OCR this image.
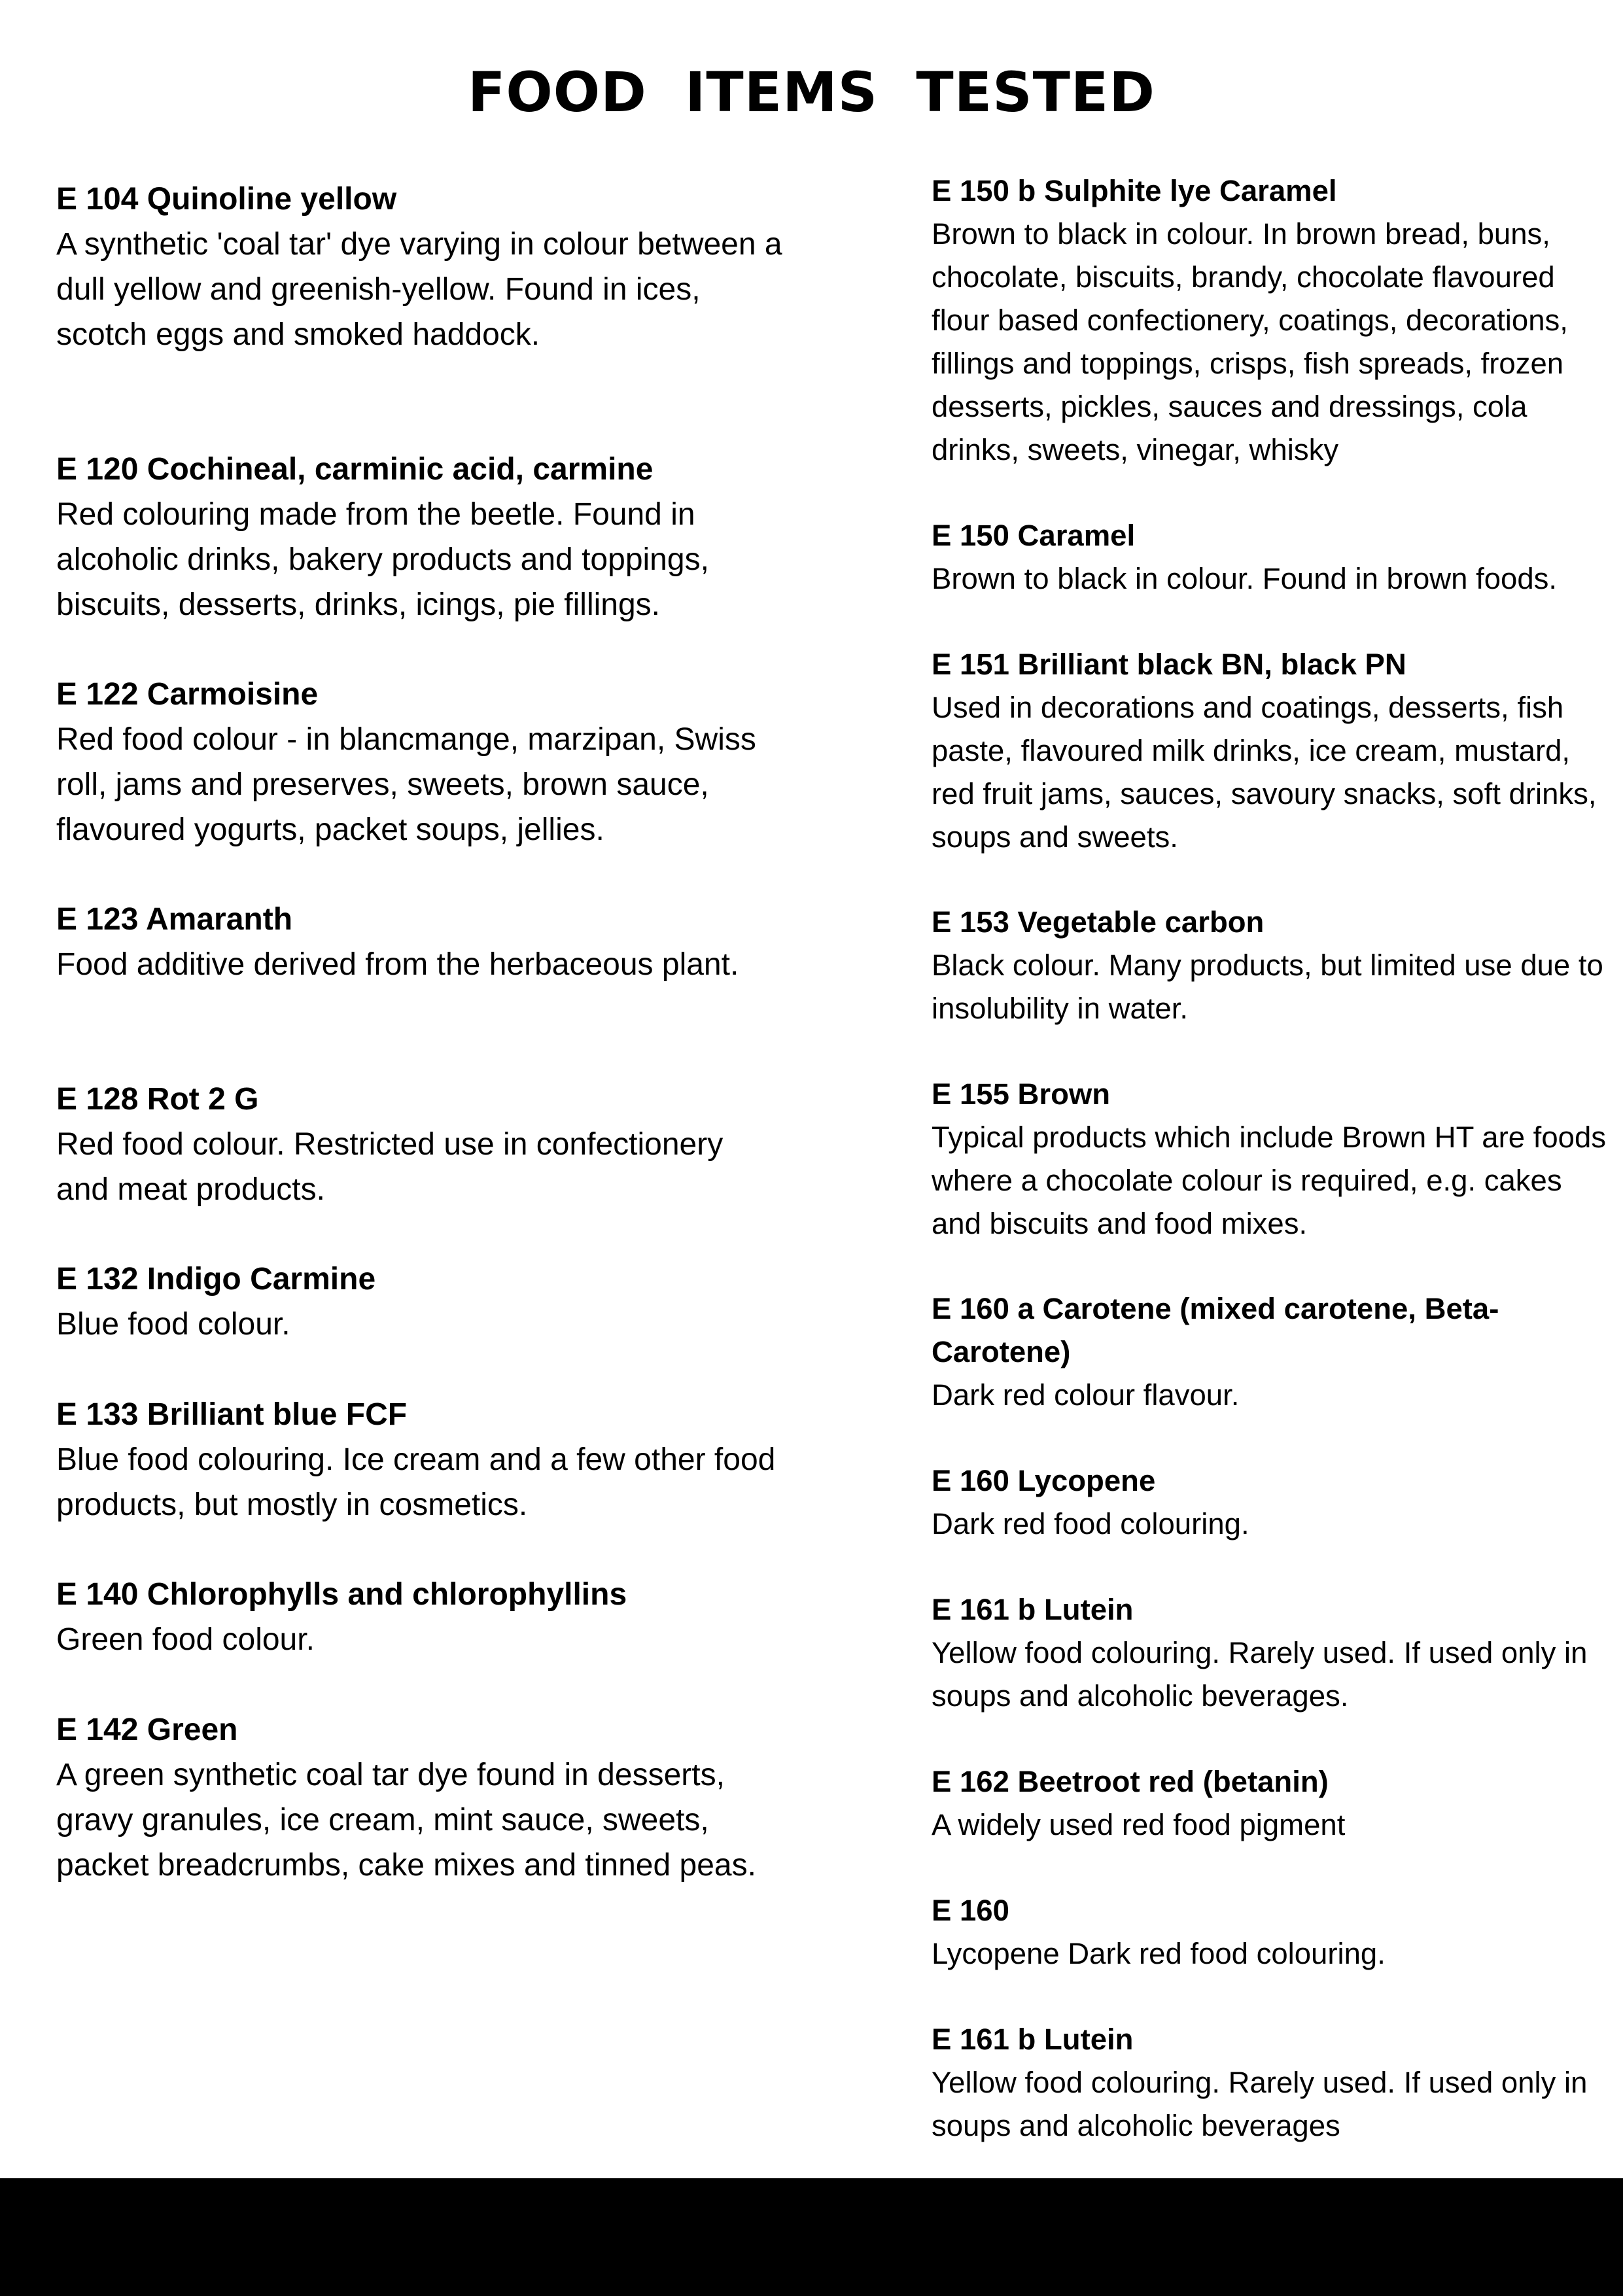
FOOD ITEMS TESTED

E 104 Quinoline yellow

A synthetic 'coal tar' dye varying in colour between a dull yellow and greenish-yellow. Found in ices, scotch eggs and smoked haddock.

E 120 Cochineal, carminic acid, carmine

Red colouring made from the beetle. Found in alcoholic drinks, bakery products and toppings, biscuits, desserts, drinks, icings, pie fillings.

E 122 Carmoisine

Red food colour - in blancmange, marzipan, Swiss roll, jams and preserves, sweets, brown sauce, flavoured yogurts, packet soups, jellies.

E 123 Amaranth

Food additive derived from the herbaceous plant.

E 128 Rot 2 G

Red food colour. Restricted use in confectionery and meat products.

E 132 Indigo Carmine

Blue food colour.

E 133 Brilliant blue FCF

Blue food colouring. Ice cream and a few other food products, but mostly in cosmetics.

E 140 Chlorophylls and chlorophyllins

Green food colour.

E 142 Green

A green synthetic coal tar dye found in desserts, gravy granules, ice cream, mint sauce, sweets, packet breadcrumbs, cake mixes and tinned peas.

E 150 b Sulphite lye Caramel

Brown to black in colour. In brown bread, buns, chocolate, biscuits, brandy, chocolate flavoured flour based confectionery, coatings, decorations, fillings and toppings, crisps, fish spreads, frozen desserts, pickles, sauces and dressings, cola drinks, sweets, vinegar, whisky

E 150 Caramel

Brown to black in colour. Found in brown foods.

E 151 Brilliant black BN, black PN

Used in decorations and coatings, desserts, fish paste, flavoured milk drinks, ice cream, mustard, red fruit jams, sauces, savoury snacks, soft drinks, soups and sweets.

E 153 Vegetable carbon

Black colour. Many products, but limited use due to insolubility in water.

E 155 Brown

Typical products which include Brown HT are foods where a chocolate colour is required, e.g. cakes and biscuits and food mixes.

E 160 a Carotene (mixed carotene, Beta-Carotene)

Dark red colour flavour.

E 160 Lycopene

Dark red food colouring.

E 161 b Lutein

Yellow food colouring. Rarely used. If used only in soups and alcoholic beverages.

E 162 Beetroot red (betanin)

A widely used red food pigment

E 160

Lycopene Dark red food colouring.

E 161 b Lutein

Yellow food colouring. Rarely used. If used only in soups and alcoholic beverages
